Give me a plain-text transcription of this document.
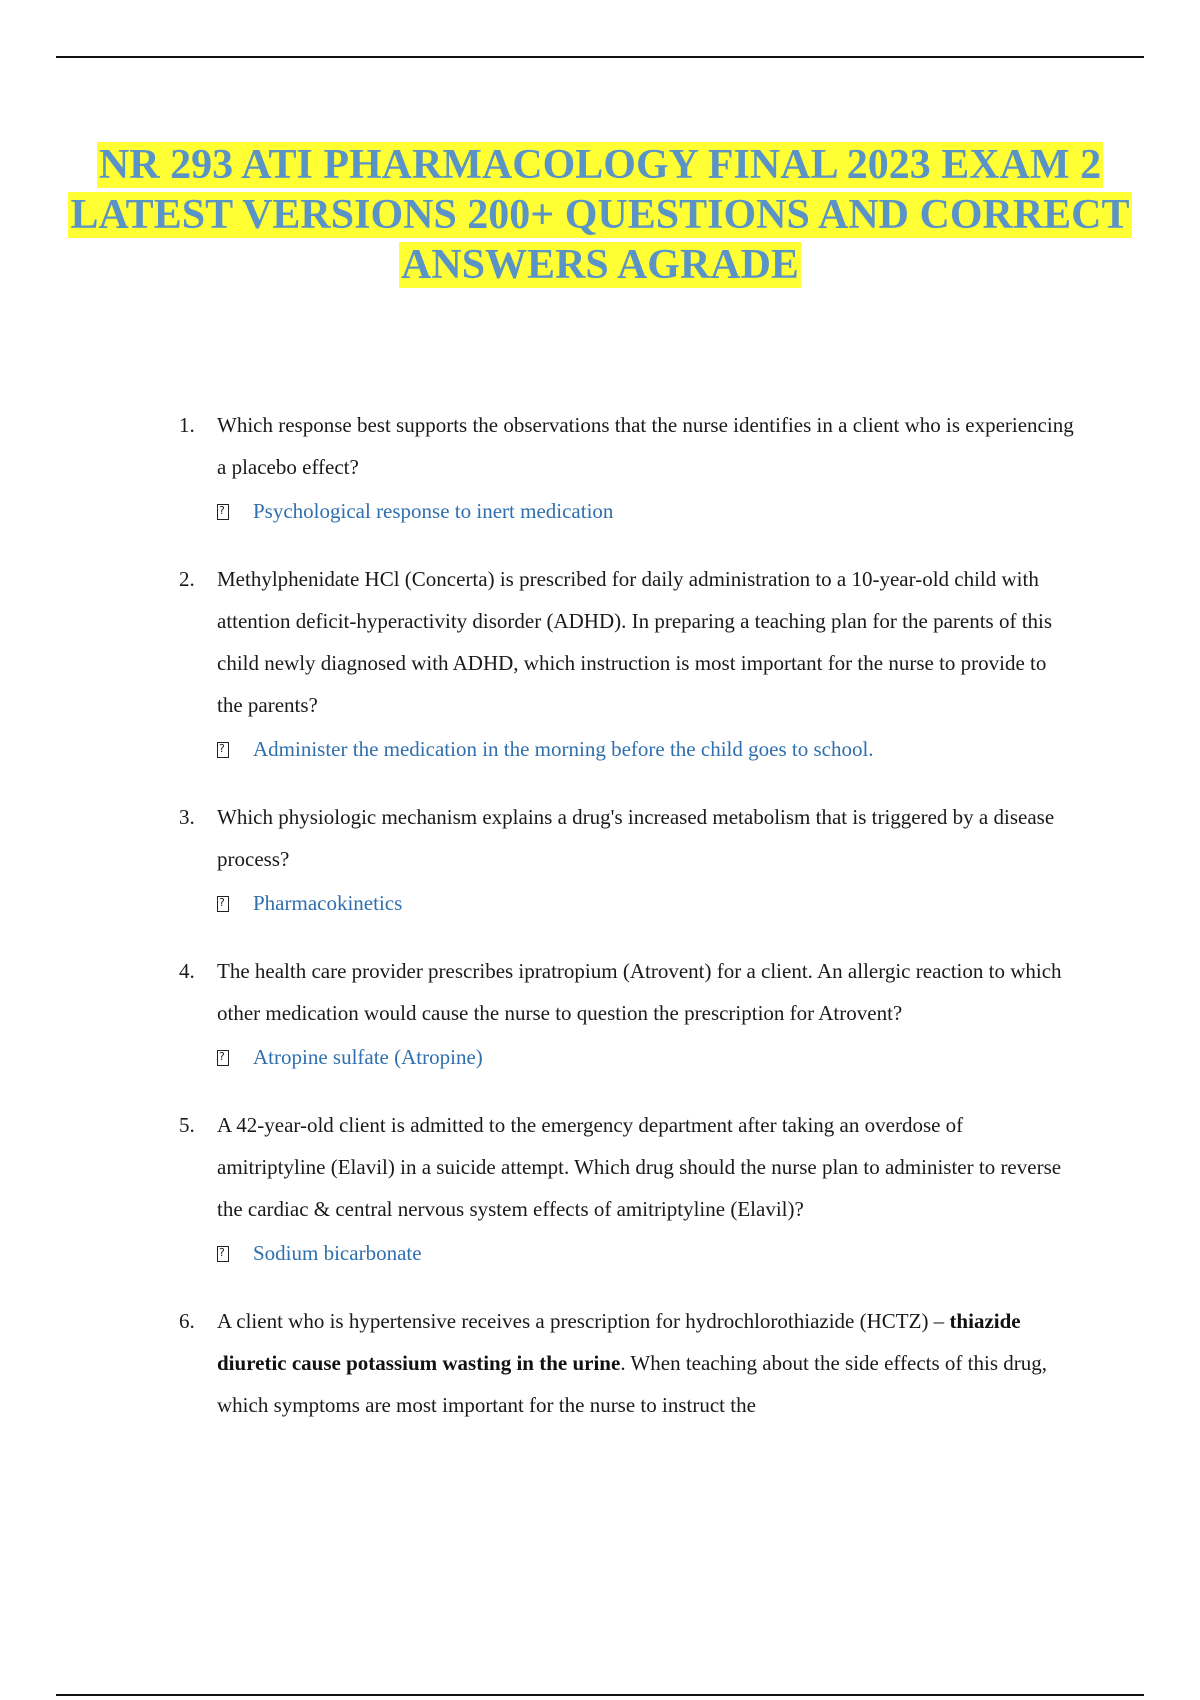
NR 293 ATI PHARMACOLOGY FINAL 2023 EXAM 2
LATEST VERSIONS 200+ QUESTIONS AND CORRECT
ANSWERS AGRADE
1. Which response best supports the observations that the nurse identifies in a client who is experiencing a placebo effect?
?
Psychological response to inert medication
2. Methylphenidate HCl (Concerta) is prescribed for daily administration to a 10-year-old child with attention deficit-hyperactivity disorder (ADHD). In preparing a teaching plan for the parents of this child newly diagnosed with ADHD, which instruction is most important for the nurse to provide to the parents?
?
Administer the medication in the morning before the child goes to school.
3. Which physiologic mechanism explains a drug's increased metabolism that is triggered by a disease process?
?
Pharmacokinetics
4. The health care provider prescribes ipratropium (Atrovent) for a client. An allergic reaction to which other medication would cause the nurse to question the prescription for Atrovent?
?
Atropine sulfate (Atropine)
5. A 42-year-old client is admitted to the emergency department after taking an overdose of amitriptyline (Elavil) in a suicide attempt. Which drug should the nurse plan to administer to reverse the cardiac & central nervous system effects of amitriptyline (Elavil)?
?
Sodium bicarbonate
6. A client who is hypertensive receives a prescription for hydrochlorothiazide (HCTZ) – thiazide diuretic cause potassium wasting in the urine. When teaching about the side effects of this drug, which symptoms are most important for the nurse to instruct the
